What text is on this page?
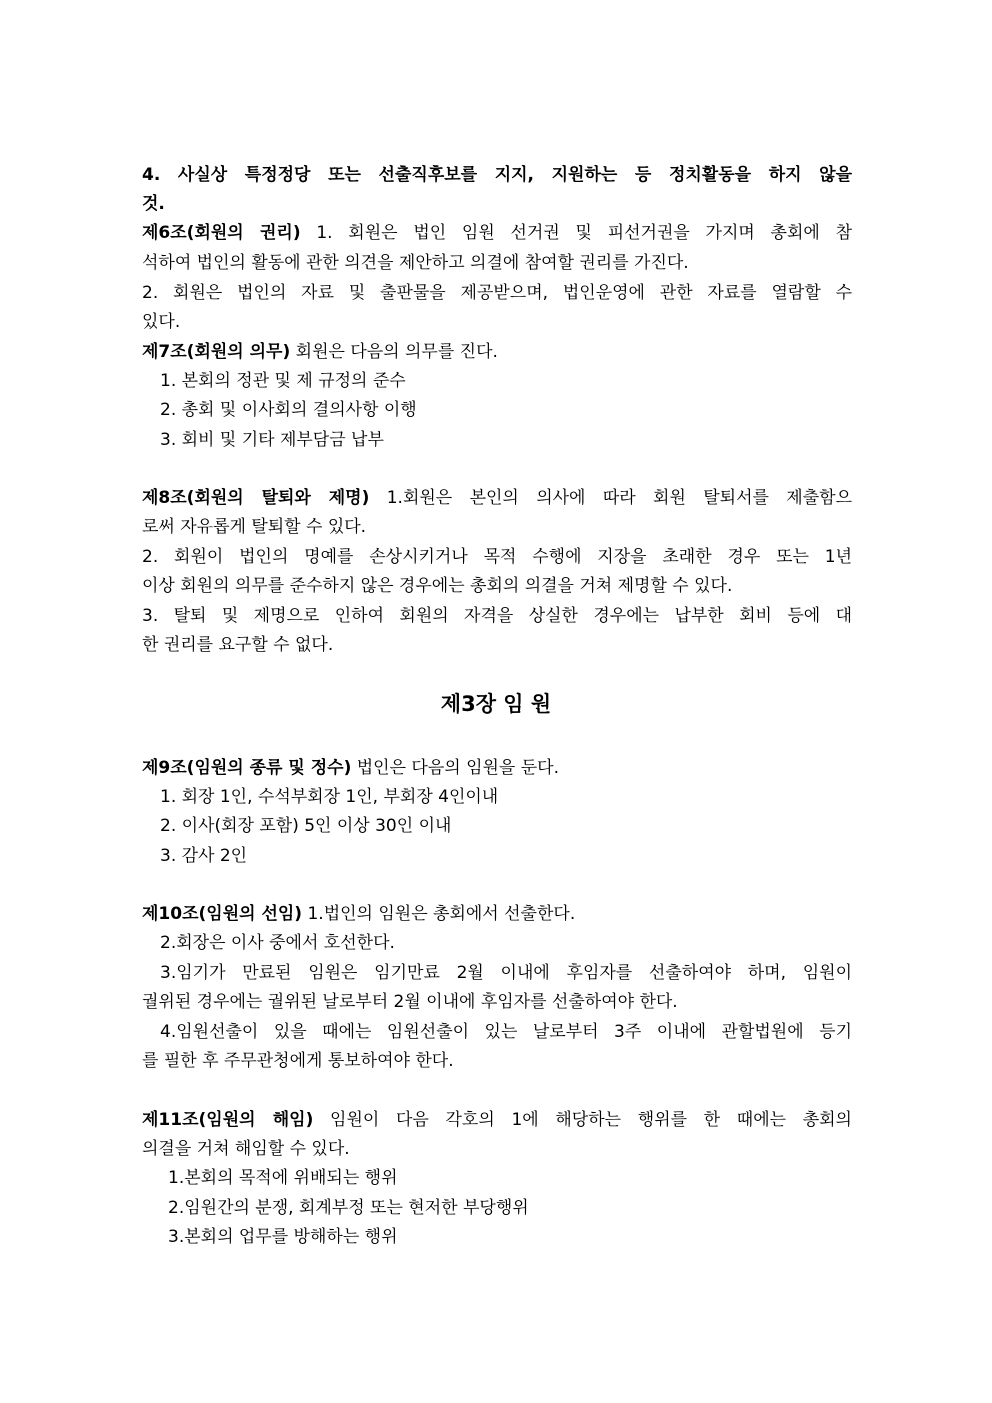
4. 사실상 특정정당 또는 선출직후보를 지지, 지원하는 등 정치활동을 하지 않을
것.
제6조(회원의 권리) 1. 회원은 법인 임원 선거권 및 피선거권을 가지며 총회에 참
석하여 법인의 활동에 관한 의견을 제안하고 의결에 참여할 권리를 가진다.
2. 회원은 법인의 자료 및 출판물을 제공받으며, 법인운영에 관한 자료를 열람할 수
있다.
제7조(회원의 의무) 회원은 다음의 의무를 진다.
1. 본회의 정관 및 제 규정의 준수
2. 총회 및 이사회의 결의사항 이행
3. 회비 및 기타 제부담금 납부
제8조(회원의 탈퇴와 제명) 1.회원은 본인의 의사에 따라 회원 탈퇴서를 제출함으
로써 자유롭게 탈퇴할 수 있다.
2. 회원이 법인의 명예를 손상시키거나 목적 수행에 지장을 초래한 경우 또는 1년
이상 회원의 의무를 준수하지 않은 경우에는 총회의 의결을 거쳐 제명할 수 있다.
3. 탈퇴 및 제명으로 인하여 회원의 자격을 상실한 경우에는 납부한 회비 등에 대
한 권리를 요구할 수 없다.
제3장 임 원
제9조(임원의 종류 및 정수) 법인은 다음의 임원을 둔다.
1. 회장 1인, 수석부회장 1인, 부회장 4인이내
2. 이사(회장 포함) 5인 이상 30인 이내
3. 감사 2인
제10조(임원의 선임) 1.법인의 임원은 총회에서 선출한다.
2.회장은 이사 중에서 호선한다.
3.임기가 만료된 임원은 임기만료 2월 이내에 후임자를 선출하여야 하며, 임원이
궐위된 경우에는 궐위된 날로부터 2월 이내에 후임자를 선출하여야 한다.
4.임원선출이 있을 때에는 임원선출이 있는 날로부터 3주 이내에 관할법원에 등기
를 필한 후 주무관청에게 통보하여야 한다.
제11조(임원의 해임) 임원이 다음 각호의 1에 해당하는 행위를 한 때에는 총회의
의결을 거쳐 해임할 수 있다.
1.본회의 목적에 위배되는 행위
2.임원간의 분쟁, 회계부정 또는 현저한 부당행위
3.본회의 업무를 방해하는 행위
